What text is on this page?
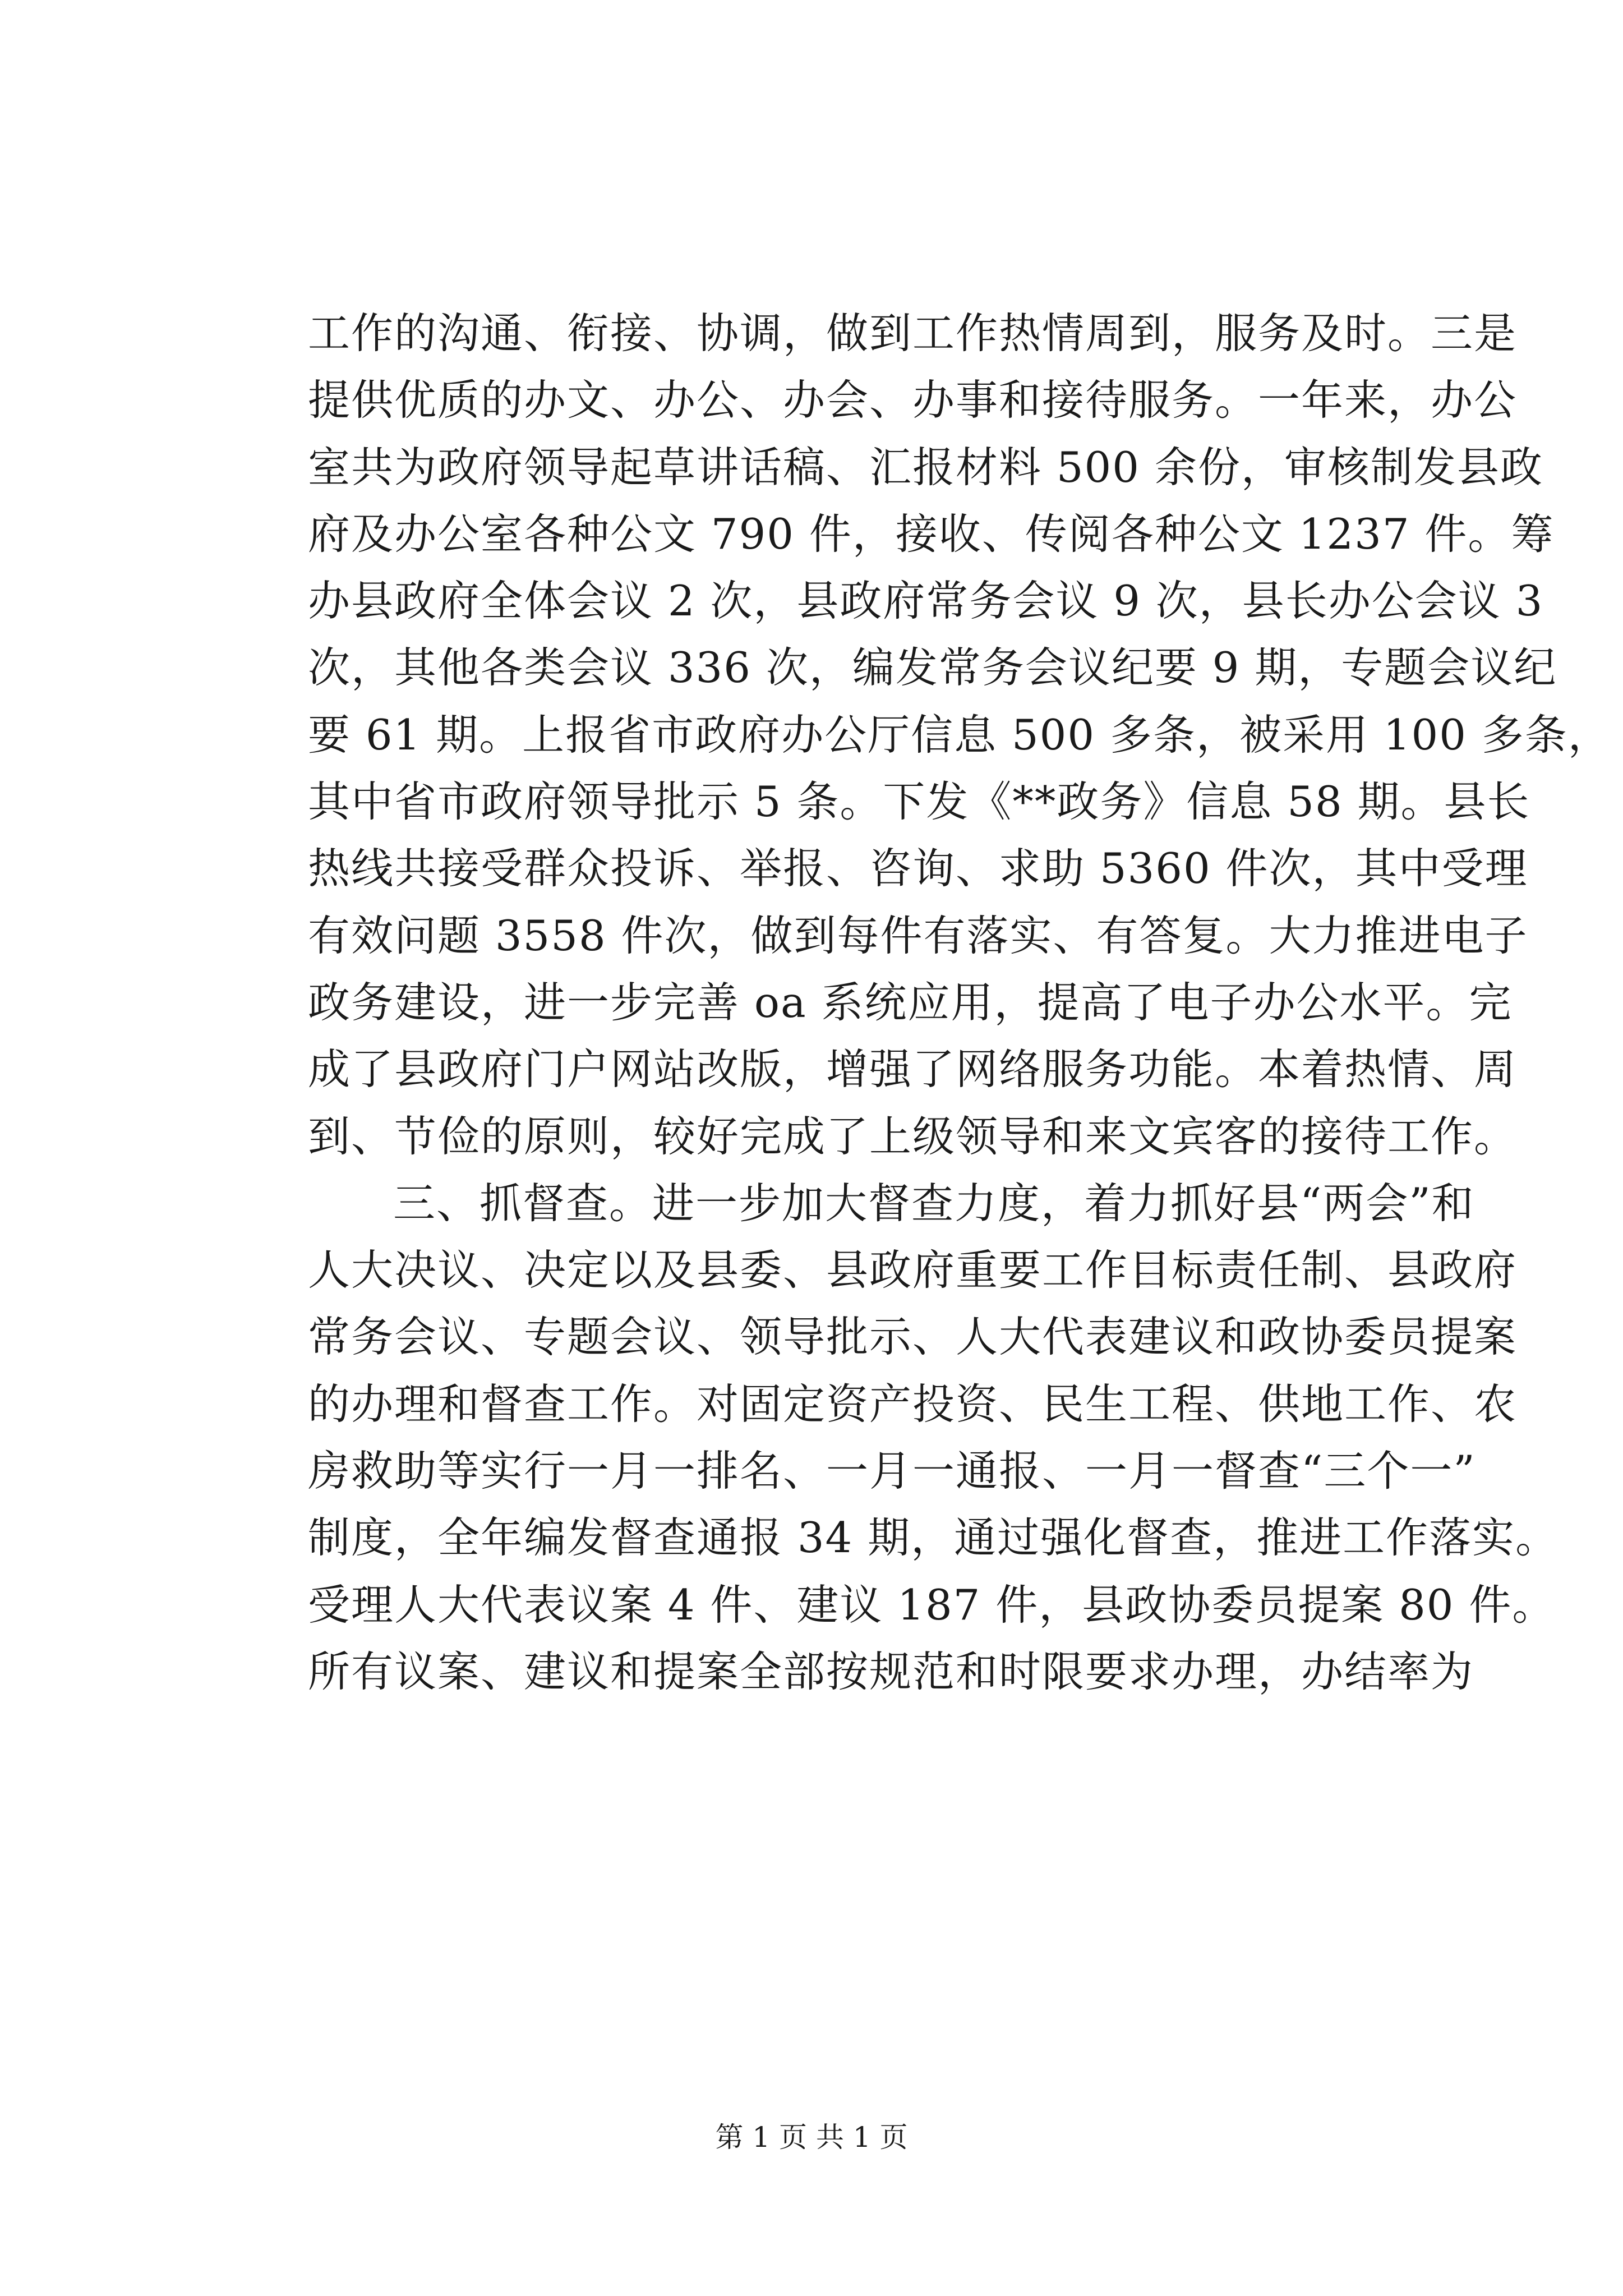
工作的沟通、衔接、协调，做到工作热情周到，服务及时。三是
提供优质的办文、办公、办会、办事和接待服务。一年来，办公
室共为政府领导起草讲话稿、汇报材料 500 余份，审核制发县政
府及办公室各种公文 790 件，接收、传阅各种公文 1237 件。筹
办县政府全体会议 2 次，县政府常务会议 9 次，县长办公会议 3
次，其他各类会议 336 次，编发常务会议纪要 9 期，专题会议纪
要 61 期。上报省市政府办公厅信息 500 多条，被采用 100 多条，
其中省市政府领导批示 5 条。下发《**政务》信息 58 期。县长
热线共接受群众投诉、举报、咨询、求助 5360 件次，其中受理
有效问题 3558 件次，做到每件有落实、有答复。大力推进电子
政务建设，进一步完善 oa 系统应用，提高了电子办公水平。完
成了县政府门户网站改版，增强了网络服务功能。本着热情、周
到、节俭的原则，较好完成了上级领导和来文宾客的接待工作。
三、抓督查。进一步加大督查力度，着力抓好县“两会”和
人大决议、决定以及县委、县政府重要工作目标责任制、县政府
常务会议、专题会议、领导批示、人大代表建议和政协委员提案
的办理和督查工作。对固定资产投资、民生工程、供地工作、农
房救助等实行一月一排名、一月一通报、一月一督查“三个一”
制度，全年编发督查通报 34 期，通过强化督查，推进工作落实。
受理人大代表议案 4 件、建议 187 件，县政协委员提案 80 件。
所有议案、建议和提案全部按规范和时限要求办理，办结率为
第 1 页 共 1 页
